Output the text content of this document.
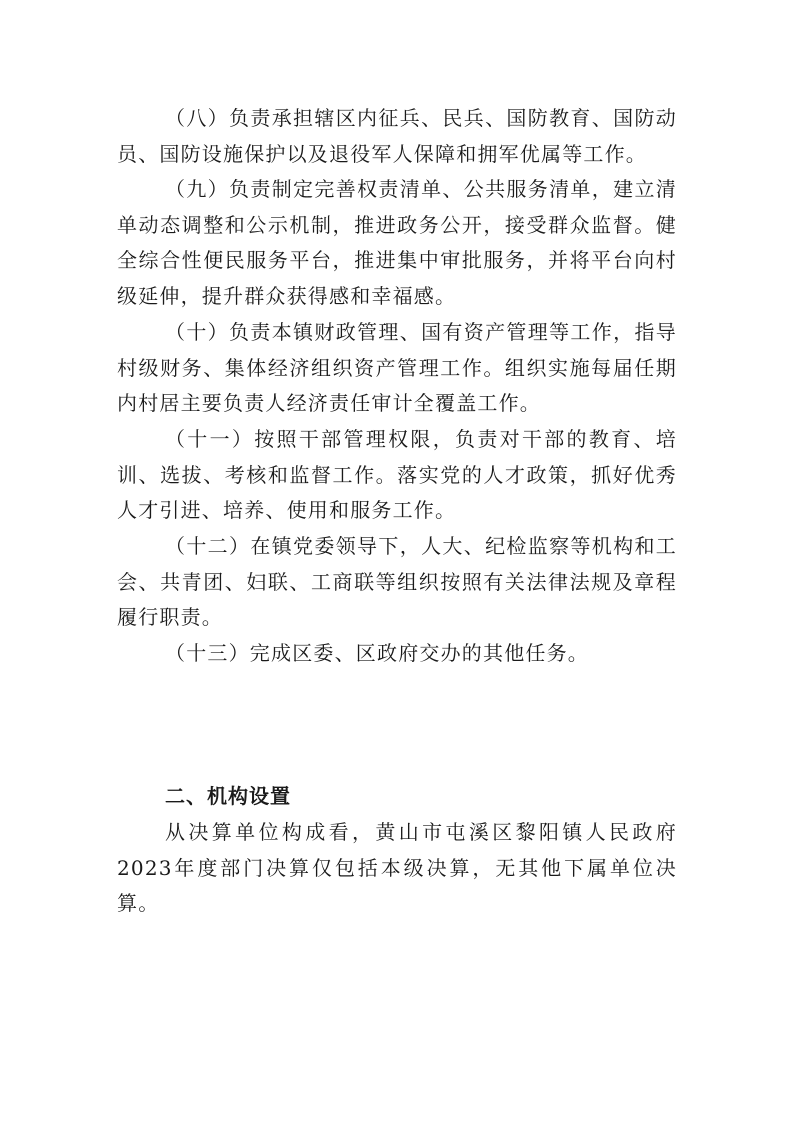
（八）负责承担辖区内征兵、民兵、国防教育、国防动员、国防设施保护以及退役军人保障和拥军优属等工作。

（九）负责制定完善权责清单、公共服务清单，建立清单动态调整和公示机制，推进政务公开，接受群众监督。健全综合性便民服务平台，推进集中审批服务，并将平台向村级延伸，提升群众获得感和幸福感。

（十）负责本镇财政管理、国有资产管理等工作，指导村级财务、集体经济组织资产管理工作。组织实施每届任期内村居主要负责人经济责任审计全覆盖工作。

（十一）按照干部管理权限，负责对干部的教育、培训、选拔、考核和监督工作。落实党的人才政策，抓好优秀人才引进、培养、使用和服务工作。

（十二）在镇党委领导下，人大、纪检监察等机构和工会、共青团、妇联、工商联等组织按照有关法律法规及章程履行职责。

（十三）完成区委、区政府交办的其他任务。

二、机构设置

从决算单位构成看，黄山市屯溪区黎阳镇人民政府2023年度部门决算仅包括本级决算，无其他下属单位决算。
